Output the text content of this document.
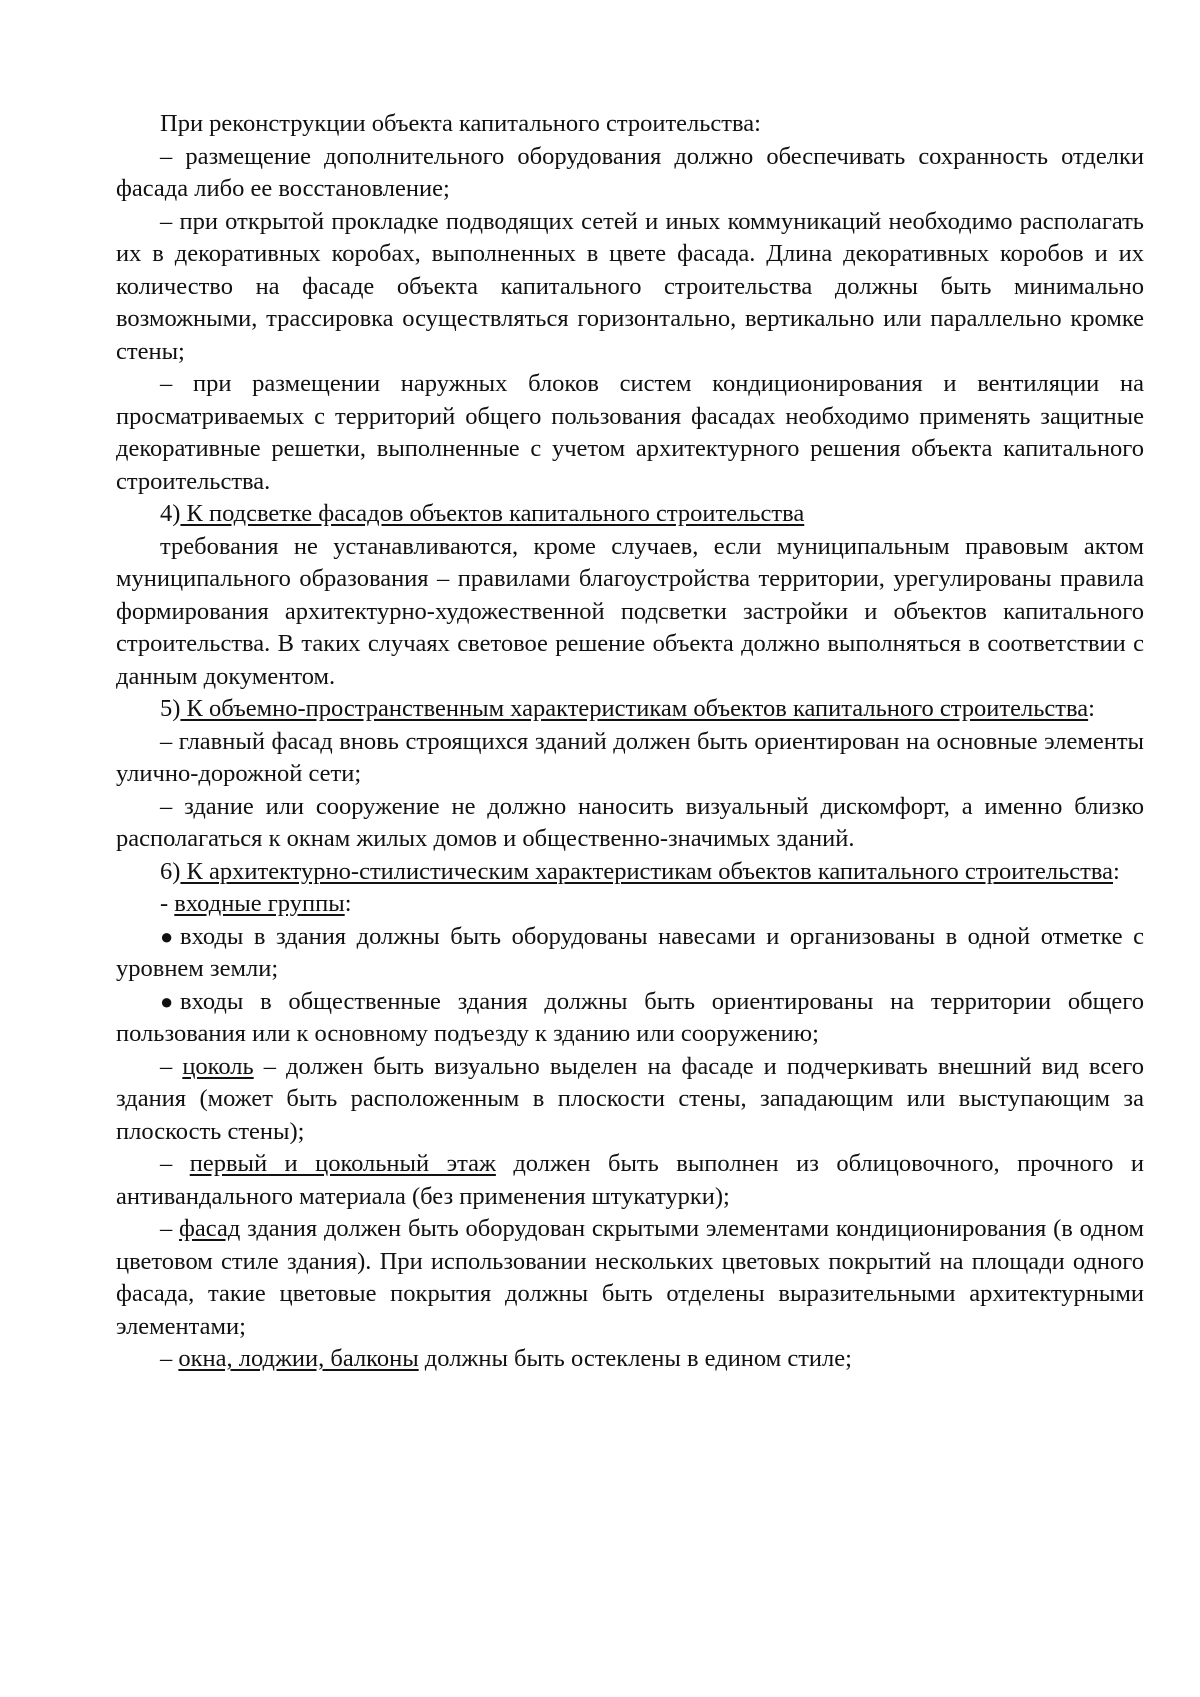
При реконструкции объекта капитального строительства:

– размещение дополнительного оборудования должно обеспечивать сохранность отделки фасада либо ее восстановление;

– при открытой прокладке подводящих сетей и иных коммуникаций необходимо располагать их в декоративных коробах, выполненных в цвете фасада. Длина декоративных коробов и их количество на фасаде объекта капитального строительства должны быть минимально возможными, трассировка осуществляться горизонтально, вертикально или параллельно кромке стены;

– при размещении наружных блоков систем кондиционирования и вентиляции на просматриваемых с территорий общего пользования фасадах необходимо применять защитные декоративные решетки, выполненные с учетом архитектурного решения объекта капитального строительства.

4) К подсветке фасадов объектов капитального строительства

требования не устанавливаются, кроме случаев, если муниципальным правовым актом муниципального образования – правилами благоустройства территории, урегулированы правила формирования архитектурно-художественной подсветки застройки и объектов капитального строительства. В таких случаях световое решение объекта должно выполняться в соответствии с данным документом.

5) К объемно-пространственным характеристикам объектов капитального строительства:

– главный фасад вновь строящихся зданий должен быть ориентирован на основные элементы улично-дорожной сети;

– здание или сооружение не должно наносить визуальный дискомфорт, а именно близко располагаться к окнам жилых домов и общественно-значимых зданий.

6) К архитектурно-стилистическим характеристикам объектов капитального строительства:

- входные группы:

● входы в здания должны быть оборудованы навесами и организованы в одной отметке с уровнем земли;

● входы в общественные здания должны быть ориентированы на территории общего пользования или к основному подъезду к зданию или сооружению;

– цоколь – должен быть визуально выделен на фасаде и подчеркивать внешний вид всего здания (может быть расположенным в плоскости стены, западающим или выступающим за плоскость стены);

– первый и цокольный этаж должен быть выполнен из облицовочного, прочного и антивандального материала (без применения штукатурки);

– фасад здания должен быть оборудован скрытыми элементами кондиционирования (в одном цветовом стиле здания). При использовании нескольких цветовых покрытий на площади одного фасада, такие цветовые покрытия должны быть отделены выразительными архитектурными элементами;

– окна, лоджии, балконы должны быть остеклены в едином стиле;
